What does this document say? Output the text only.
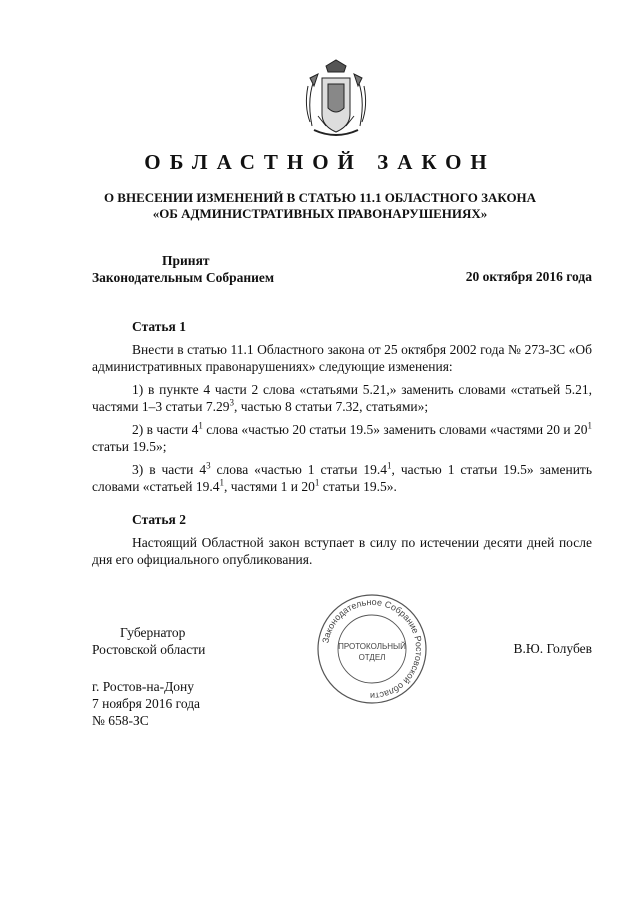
ОБЛАСТНОЙ ЗАКОН
О ВНЕСЕНИИ ИЗМЕНЕНИЙ В СТАТЬЮ 11.1 ОБЛАСТНОГО ЗАКОНА
«ОБ АДМИНИСТРАТИВНЫХ ПРАВОНАРУШЕНИЯХ»
Принят
Законодательным Собранием	20 октября 2016 года
Статья 1
Внести в статью 11.1 Областного закона от 25 октября 2002 года № 273-ЗС «Об административных правонарушениях» следующие изменения:
1) в пункте 4 части 2 слова «статьями 5.21,» заменить словами «статьей 5.21, частями 1–3 статьи 7.29$^3$, частью 8 статьи 7.32, статьями»;
2) в части $4^1$ слова «частью 20 статьи 19.5» заменить словами «частями 20 и $20^1$ статьи 19.5»;
3) в части $4^3$ слова «частью 1 статьи 19.4$^1$, частью 1 статьи 19.5» заменить словами «статьей 19.4$^1$, частями 1 и $20^1$ статьи 19.5».
Статья 2
Настоящий Областной закон вступает в силу по истечении десяти дней после дня его официального опубликования.
Губернатор
Ростовской области	В.Ю. Голубев
Законодательное Собрание Ростовской области
ПРОТОКОЛЬНЫЙ
ОТДЕЛ
г. Ростов-на-Дону
7 ноября 2016 года
№ 658-ЗС
